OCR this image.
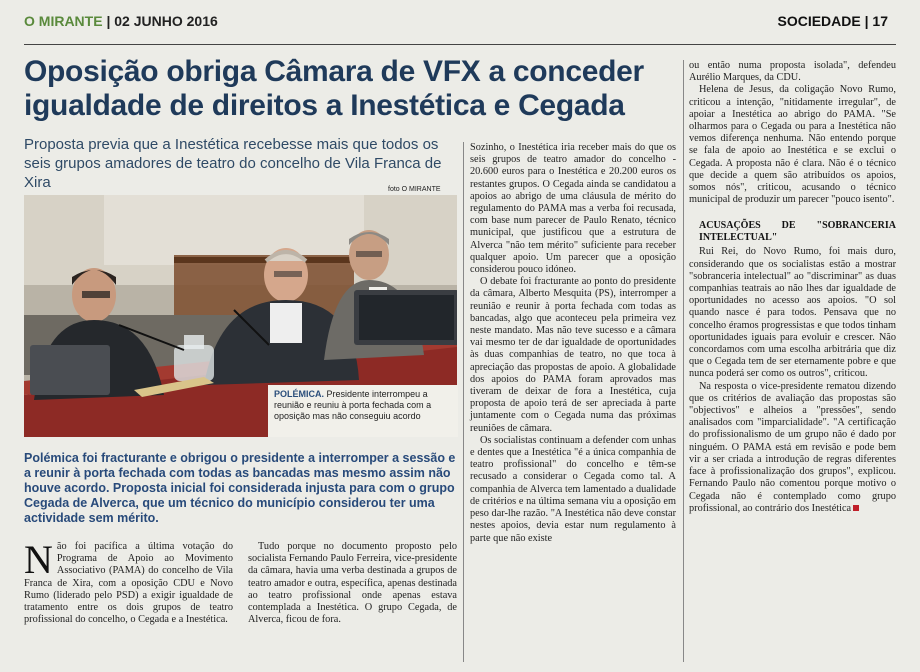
O MIRANTE | 02 JUNHO 2016	SOCIEDADE | 17
Oposição obriga Câmara de VFX a conceder
igualdade de direitos a Inestética e Cegada
Proposta previa que a Inestética recebesse mais que todos os seis grupos amadores de teatro do concelho de Vila Franca de Xira	foto O MIRANTE
POLÉMICA. Presidente interrompeu a reunião e reuniu à porta fechada com a oposição mas não conseguiu acordo
Polémica foi fracturante e obrigou o presidente a interromper a sessão e a reunir à porta fechada com todas as bancadas mas mesmo assim não houve acordo. Proposta inicial foi considerada injusta para com o grupo Cegada de Alverca, que um técnico do município considerou ter uma actividade sem mérito.

Não foi pacífica a última votação do Programa de Apoio ao Movimento Associativo (PAMA) do concelho de Vila Franca de Xira, com a oposição CDU e Novo Rumo (liderado pelo PSD) a exigir igualdade de tratamento entre os dois grupos de teatro profissional do concelho, o Cegada e a Inestética.

Tudo porque no documento proposto pelo socialista Fernando Paulo Ferreira, vice-presidente da câmara, havia uma verba destinada a grupos de teatro amador e outra, específica, apenas destinada ao teatro profissional onde apenas estava contemplada a Inestética. O grupo Cegada, de Alverca, ficou de fora.

Sozinho, o Inestética iria receber mais do que os seis grupos de teatro amador do concelho - 20.600 euros para o Inestética e 20.200 euros os restantes grupos. O Cegada ainda se candidatou a apoios ao abrigo de uma cláusula de mérito do regulamento do PAMA mas a verba foi recusada, com base num parecer de Paulo Renato, técnico municipal, que justificou que a estrutura de Alverca "não tem mérito" suficiente para receber qualquer apoio. Um parecer que a oposição considerou pouco idóneo.

O debate foi fracturante ao ponto do presidente da câmara, Alberto Mesquita (PS), interromper a reunião e reunir à porta fechada com todas as bancadas, algo que aconteceu pela primeira vez neste mandato. Mas não teve sucesso e a câmara vai mesmo ter de dar igualdade de oportunidades às duas companhias de teatro, no que toca à apreciação das propostas de apoio. A globalidade dos apoios do PAMA foram aprovados mas tiveram de deixar de fora a Inestética, cuja proposta de apoio terá de ser apreciada à parte juntamente com o Cegada numa das próximas reuniões de câmara.

Os socialistas continuam a defender com unhas e dentes que a Inestética "é a única companhia de teatro profissional" do concelho e têm-se recusado a considerar o Cegada como tal. A companhia de Alverca tem lamentado a dualidade de critérios e na última semana viu a oposição em peso dar-lhe razão. "A Inestética não deve constar nestes apoios, devia estar num regulamento à parte que não existe

ou então numa proposta isolada", defendeu Aurélio Marques, da CDU.

Helena de Jesus, da coligação Novo Rumo, criticou a intenção, "nitidamente irregular", de apoiar a Inestética ao abrigo do PAMA. "Se olharmos para o Cegada ou para a Inestética não vemos diferença nenhuma. Não entendo porque se fala de apoio ao Inestética e se exclui o Cegada. A proposta não é clara. Não é o técnico que decide a quem são atribuídos os apoios, somos nós", criticou, acusando o técnico municipal de produzir um parecer "pouco isento".

ACUSAÇÕES DE "SOBRANCERIA INTELECTUAL"

Rui Rei, do Novo Rumo, foi mais duro, considerando que os socialistas estão a mostrar "sobranceria intelectual" ao "discriminar" as duas companhias teatrais ao não lhes dar igualdade de oportunidades no acesso aos apoios. "O sol quando nasce é para todos. Pensava que no concelho éramos progressistas e que todos tinham oportunidades iguais para evoluir e crescer. Não concordamos com uma escolha arbitrária que diz que o Cegada tem de ser eternamente pobre e que nunca poderá ser como os outros", criticou.

Na resposta o vice-presidente rematou dizendo que os critérios de avaliação das propostas são "objectivos" e alheios a "pressões", sendo analisados com "imparcialidade". "A certificação do profissionalismo de um grupo não é dado por ninguém. O PAMA está em revisão e pode bem vir a ser criada a introdução de regras diferentes face à profissionalização dos grupos", explicou. Fernando Paulo não comentou porque motivo o Cegada não é contemplado como grupo profissional, ao contrário dos Inestética
